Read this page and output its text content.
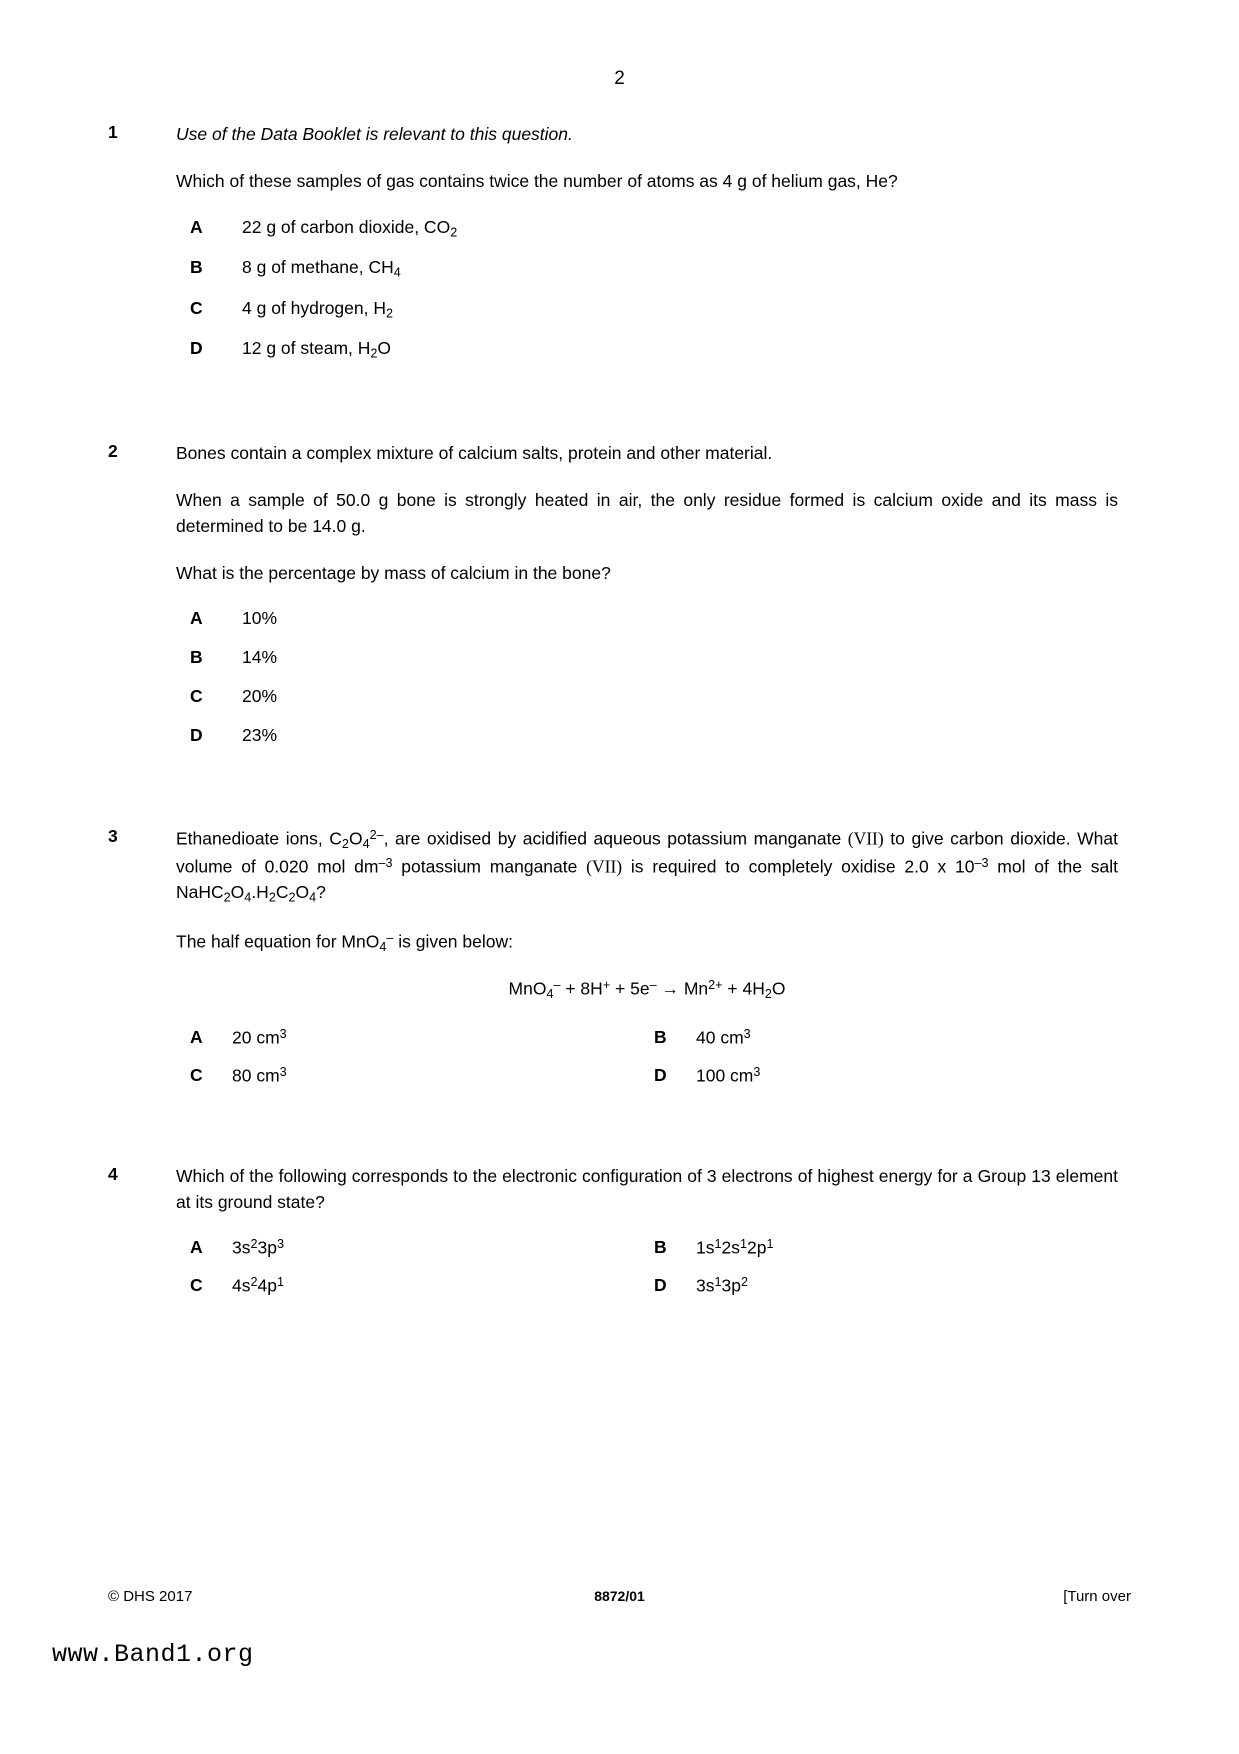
2
1	Use of the Data Booklet is relevant to this question.

Which of these samples of gas contains twice the number of atoms as 4 g of helium gas, He?

A	22 g of carbon dioxide, $CO_2$
B	8 g of methane, $CH_4$
C	4 g of hydrogen, $H_2$
D	12 g of steam, $H_2O$
2	Bones contain a complex mixture of calcium salts, protein and other material.

When a sample of 50.0 g bone is strongly heated in air, the only residue formed is calcium oxide and its mass is determined to be 14.0 g.

What is the percentage by mass of calcium in the bone?

A	10%
B	14%
C	20%
D	23%
3	Ethanedioate ions, $C_2O_4^{2-}$, are oxidised by acidified aqueous potassium manganate (VII) to give carbon dioxide. What volume of 0.020 mol $dm^{-3}$ potassium manganate (VII) is required to completely oxidise 2.0 x $10^{-3}$ mol of the salt $NaHC_2O_4.H_2C_2O_4$?

The half equation for MnO$_4$– is given below:

$MnO_4^- + 8H^+ + 5e^- \to Mn^{2+} + 4H_2O$
A	20 $cm^3$	B	40 $cm^3$
C	80 $cm^3$	D	100 $cm^3$
4	Which of the following corresponds to the electronic configuration of 3 electrons of highest energy for a Group 13 element at its ground state?

A	$3s^23p^3$	B	$1s^12s^12p^1$
C	$4s^24p^1$	D	$3s^13p^2$
© DHS 2017	8872/01	[Turn over
www.Band1.org
